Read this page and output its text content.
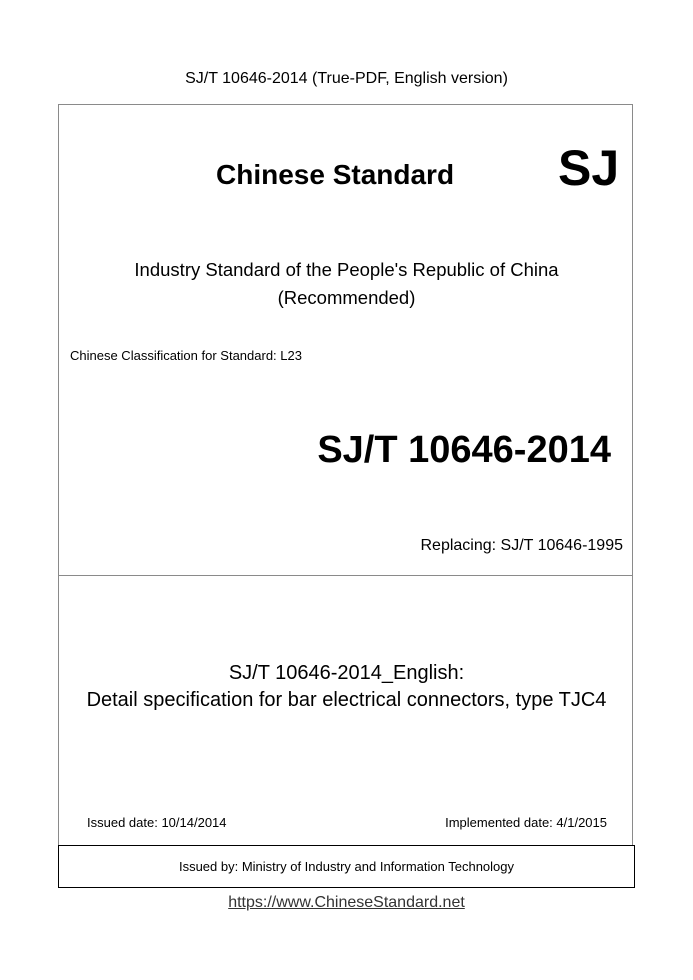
SJ/T 10646-2014 (True-PDF, English version)
Chinese Standard SJ
Industry Standard of the People's Republic of China
(Recommended)
Chinese Classification for Standard: L23
SJ/T 10646-2014
Replacing: SJ/T 10646-1995
SJ/T 10646-2014_English:
Detail specification for bar electrical connectors, type TJC4
Issued date: 10/14/2014	Implemented date: 4/1/2015
Issued by: Ministry of Industry and Information Technology
https://www.ChineseStandard.net
